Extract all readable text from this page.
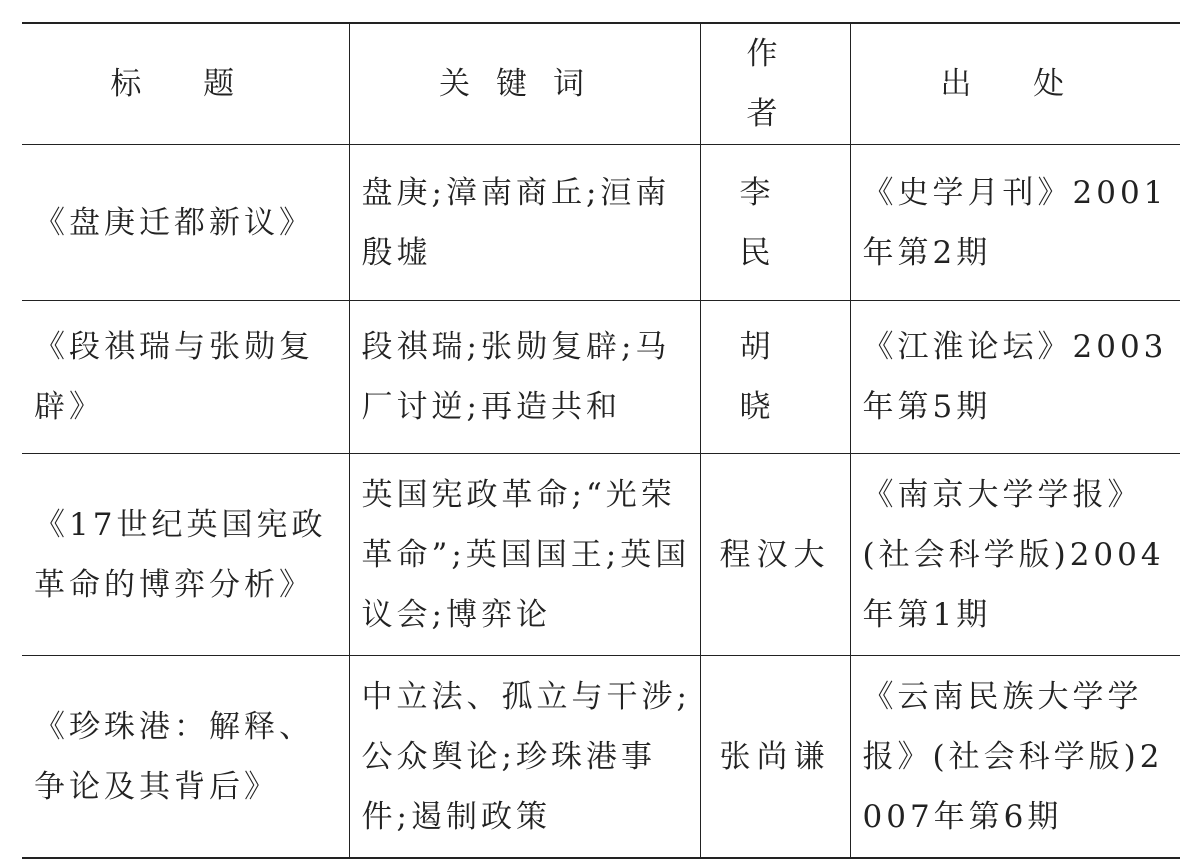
标 题	关键词	作 者	出 处
《盘庚迁都新议》	盘庚;漳南商丘;洹南殷墟	李 民	《史学月刊》2001年第2期
《段祺瑞与张勋复辟》	段祺瑞;张勋复辟;马厂讨逆;再造共和	胡 晓	《江淮论坛》2003年第5期
《17世纪英国宪政革命的博弈分析》	英国宪政革命;“光荣革命”;英国国王;英国议会;博弈论	程汉大	《南京大学学报》(社会科学版)2004年第1期
《珍珠港：解释、争论及其背后》	中立法、孤立与干涉;公众舆论;珍珠港事件;遏制政策	张尚谦	《云南民族大学学报》(社会科学版)2007年第6期
